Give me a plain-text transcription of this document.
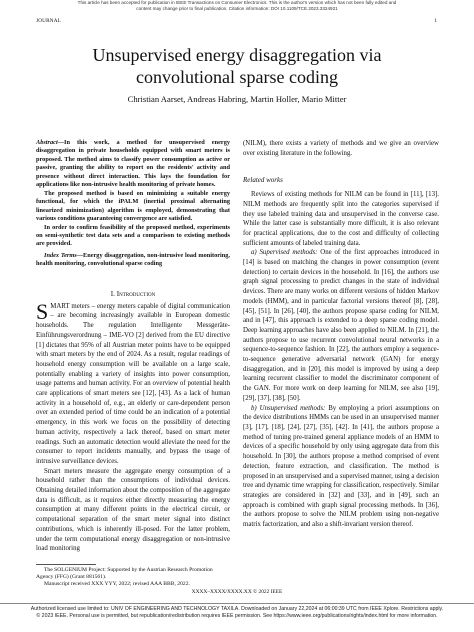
This article has been accepted for publication in IEEE Transactions on Consumer Electronics. This is the author's version which has not been fully edited and
content may change prior to final publication. Citation information: DOI 10.1109/TCE.2023.3324921
JOURNAL	1
Unsupervised energy disaggregation via
convolutional sparse coding
Christian Aarset, Andreas Habring, Martin Holler, Mario Mitter

Abstract—In this work, a method for unsupervised energy disaggregation in private households equipped with smart meters is proposed. The method aims to classify power consumption as active or passive, granting the ability to report on the residents' activity and presence without direct interaction. This lays the foundation for applications like non-intrusive health monitoring of private homes.

The proposed method is based on minimizing a suitable energy functional, for which the iPALM (inertial proximal alternating linearized minimization) algorithm is employed, demonstrating that various conditions guaranteeing convergence are satisfied.

In order to confirm feasibility of the proposed method, experiments on semi-synthetic test data sets and a comparison to existing methods are provided.

Index Terms—Energy disaggregation, non-intrusive load monitoring, health monitoring, convolutional sparse coding

I. Introduction

SMART meters – energy meters capable of digital communication – are becoming increasingly available in European domestic households. The regulation Intelligente Messgeräte-Einführungsverordnung – IME-VO [2] derived from the EU directive [1] dictates that 95% of all Austrian meter points have to be equipped with smart meters by the end of 2024. As a result, regular readings of household energy consumption will be available on a large scale, potentially enabling a variety of insights into power consumption, usage patterns and human activity. For an overview of potential health care applications of smart meters see [12], [43]. As a lack of human activity in a household of, e.g., an elderly or care-dependent person over an extended period of time could be an indication of a potential emergency, in this work we focus on the possibility of detecting human activity, respectively a lack thereof, based on smart meter readings. Such an automatic detection would alleviate the need for the consumer to report incidents manually, and bypass the usage of intrusive surveillance devices.

Smart meters measure the aggregate energy consumption of a household rather than the consumptions of individual devices. Obtaining detailed information about the composition of the aggregate data is difficult, as it requires either directly measuring the energy consumption at many different points in the electrical circuit, or computational separation of the smart meter signal into distinct contributions, which is inherently ill-posed. For the latter problem, under the term computational energy disaggregation or non-intrusive load monitoring

The SOLGENIUM Project: Supported by the Austrian Research Promotion Agency (FFG) (Grant 881561).
Manuscript received XXX YYY, 2022; revised AAA BBB, 2022.

(NILM), there exists a variety of methods and we give an overview over existing literature in the following.

Related works

Reviews of existing methods for NILM can be found in [11], [13]. NILM methods are frequently split into the categories supervised if they use labeled training data and unsupervised in the converse case. While the latter case is substantially more difficult, it is also relevant for practical applications, due to the cost and difficulty of collecting sufficient amounts of labeled training data.

a) Supervised methods: One of the first approaches introduced in [14] is based on matching the changes in power consumption (event detection) to certain devices in the household. In [16], the authors use graph signal processing to predict changes in the state of individual devices. There are many works on different versions of hidden Markov models (HMM), and in particular factorial versions thereof [8], [28], [45], [51]. In [26], [40], the authors propose sparse coding for NILM, and in [47], this approach is extended to a deep sparse coding model. Deep learning approaches have also been applied to NILM. In [21], the authors propose to use recurrent convolutional neural networks in a sequence-to-sequence fashion. In [22], the authors employ a sequence-to-sequence generative adversarial network (GAN) for energy disaggregation, and in [20], this model is improved by using a deep learning recurrent classifier to model the discriminator component of the GAN. For more work on deep learning for NILM, see also [19], [29], [37], [38], [50].

b) Unsupervised methods: By employing a priori assumptions on the device distributions HMMs can be used in an unsupervised manner [3], [17], [18], [24], [27], [35], [42]. In [41], the authors propose a method of tuning pre-trained general appliance models of an HMM to devices of a specific household by only using aggregate data from this household. In [30], the authors propose a method comprised of event detection, feature extraction, and classification. The method is proposed in an unsupervised and a supervised manner, using a decision tree and dynamic time wrapping for classification, respectively. Similar strategies are considered in [32] and [33], and in [49], such an approach is combined with graph signal processing methods. In [36], the authors propose to solve the NILM problem using non-negative matrix factorization, and also a shift-invariant version thereof.

XXXX–XXXX/XXXX.XX © 2022 IEEE
Authorized licensed use limited to: UNIV OF ENGINEERING AND TECHNOLOGY TAXILA. Downloaded on January 22,2024 at 06:00:39 UTC from IEEE Xplore. Restrictions apply.
© 2023 IEEE. Personal use is permitted, but republication/redistribution requires IEEE permission. See https://www.ieee.org/publications/rights/index.html for more information.
